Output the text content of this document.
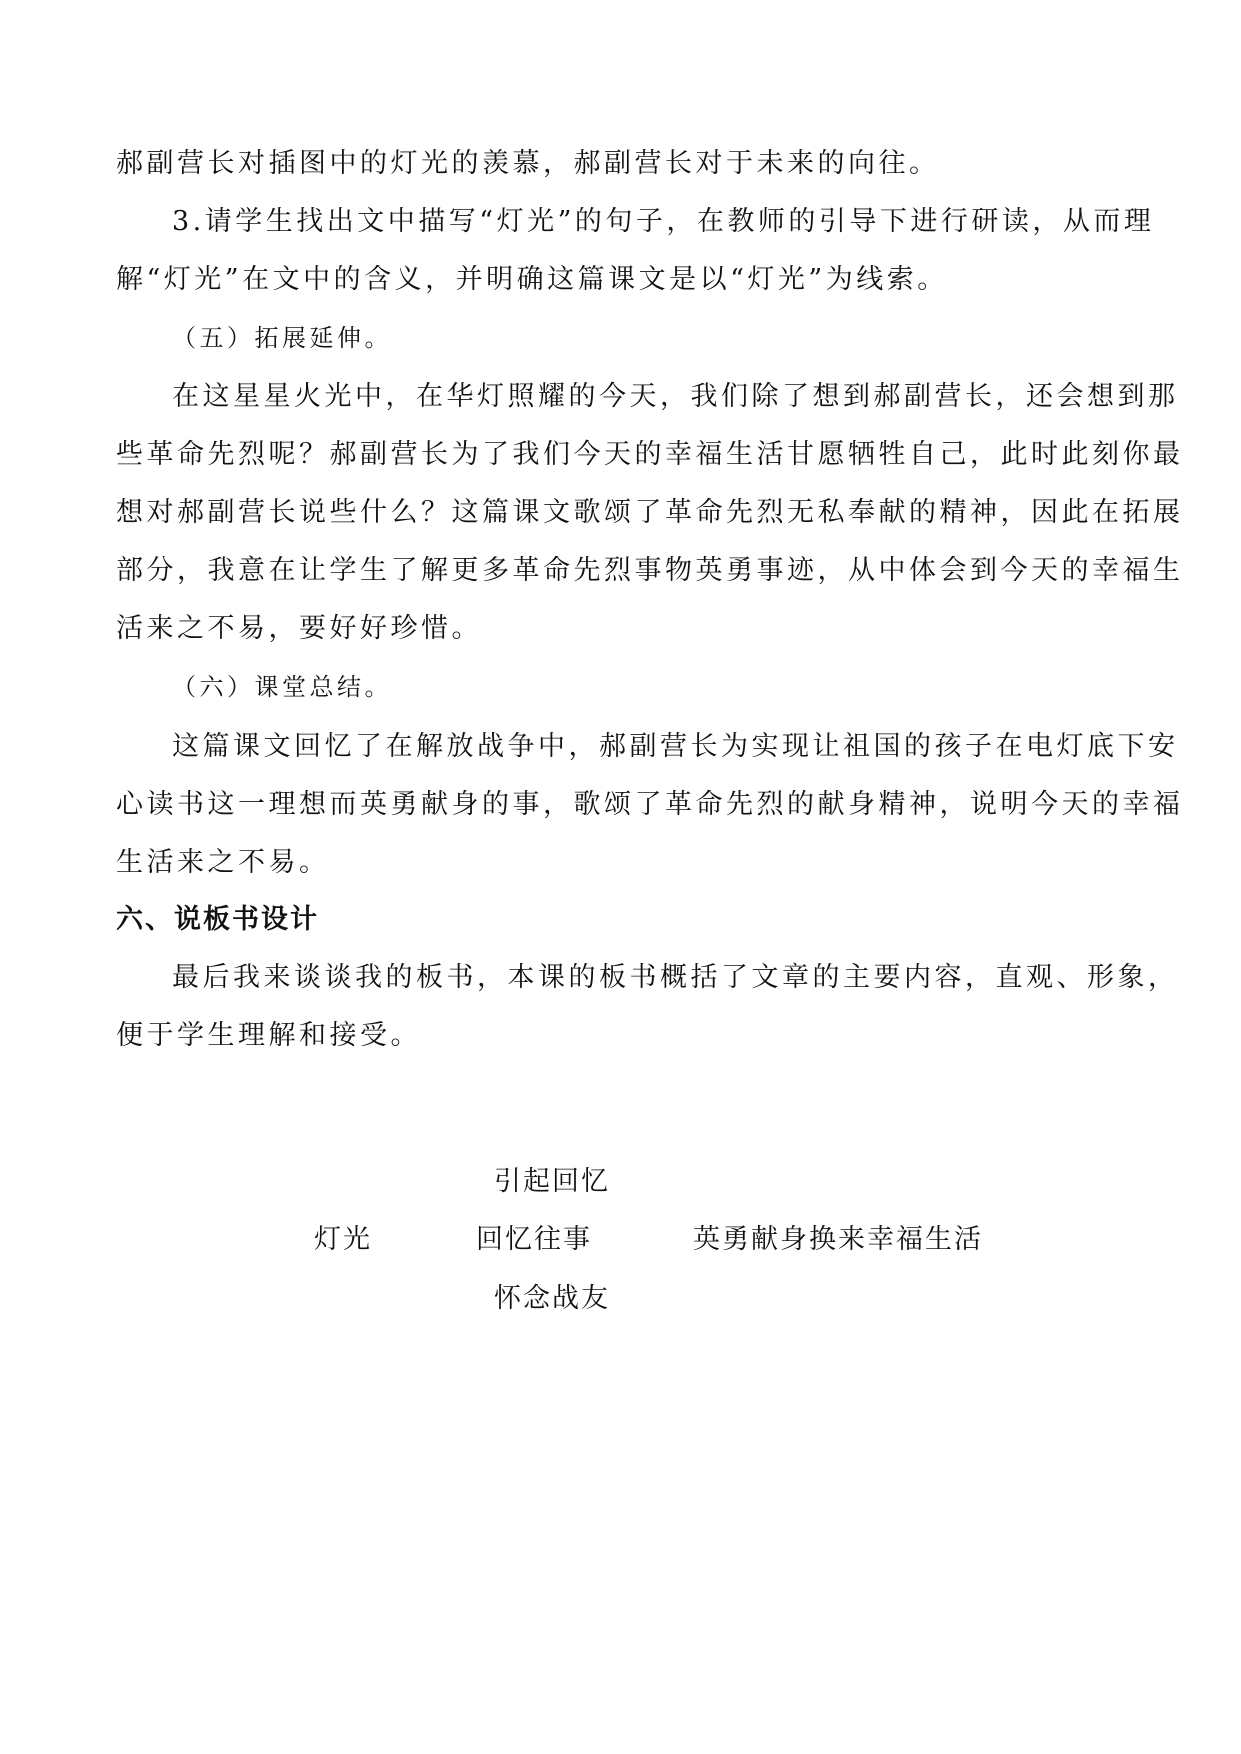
郝副营长对插图中的灯光的羡慕，郝副营长对于未来的向往。
3.请学生找出文中描写“灯光”的句子，在教师的引导下进行研读，从而理
解“灯光”在文中的含义，并明确这篇课文是以“灯光”为线索。
（五）拓展延伸。
在这星星火光中，在华灯照耀的今天，我们除了想到郝副营长，还会想到那
些革命先烈呢？郝副营长为了我们今天的幸福生活甘愿牺牲自己，此时此刻你最
想对郝副营长说些什么？这篇课文歌颂了革命先烈无私奉献的精神，因此在拓展
部分，我意在让学生了解更多革命先烈事物英勇事迹，从中体会到今天的幸福生
活来之不易，要好好珍惜。
（六）课堂总结。
这篇课文回忆了在解放战争中，郝副营长为实现让祖国的孩子在电灯底下安
心读书这一理想而英勇献身的事，歌颂了革命先烈的献身精神，说明今天的幸福
生活来之不易。
六、说板书设计
最后我来谈谈我的板书，本课的板书概括了文章的主要内容，直观、形象，
便于学生理解和接受。
引起回忆
灯光	回忆往事	英勇献身换来幸福生活
怀念战友
